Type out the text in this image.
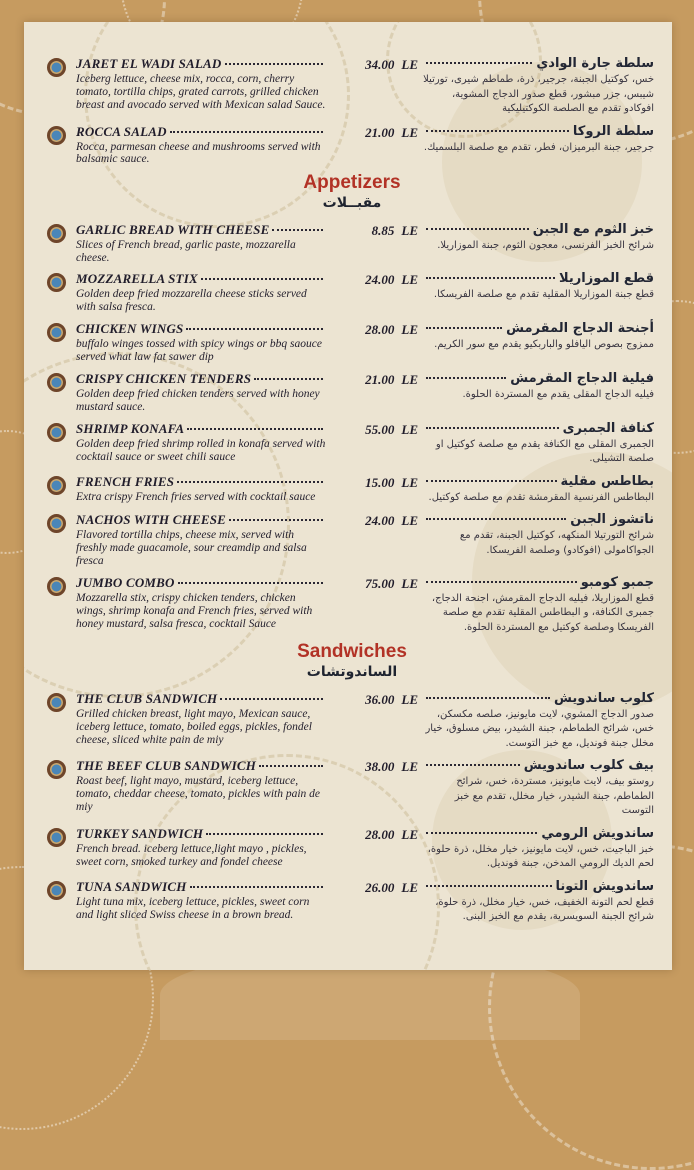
JARET EL WADI SALAD
Iceberg lettuce, cheese mix, rocca, corn, cherry tomato, tortilla chips, grated carrots, grilled chicken breast and avocado served with Mexican salad Sauce.
34.00 LE	سلطة جارة الوادي
خس، كوكتيل الجبنة، جرجير، ذرة، طماطم شيرى، تورتيلا شيبس، جزر مبشور، قطع صدور الدجاج المشوية، افوكادو تقدم مع الصلصة الكوكتيليكية
ROCCA SALAD
Rocca, parmesan cheese and mushrooms served with balsamic sauce.
21.00 LE	سلطة الروكا
جرجير، جبنة البرميزان، فطر، تقدم مع صلصة البلسميك.
Appetizers
مقبــلات
GARLIC BREAD WITH CHEESE
Slices of French bread, garlic paste, mozzarella cheese.
8.85 LE	خبز الثوم مع الجبن
شرائح الخبز الفرنسى، معجون الثوم، جبنة الموزاريلا.
MOZZARELLA STIX
Golden deep fried mozzarella cheese sticks served with salsa fresca.
24.00 LE	قطع الموزاريلا
قطع جبنة الموزاريلا المقلية تقدم مع صلصة الفريسكا.
CHICKEN WINGS
buffalo winges tossed with spicy wings or bbq saouce served what law fat sawer dip
28.00 LE	أجنحة الدجاج المقرمش
ممزوج بصوص اليافلو والباربكيو يقدم مع سور الكريم.
CRISPY CHICKEN TENDERS
Golden deep fried chicken tenders served with honey mustard sauce.
21.00 LE	فيلية الدجاج المقرمش
فيليه الدجاج المقلى يقدم مع المستردة الحلوة.
SHRIMP KONAFA
Golden deep fried shrimp rolled in konafa served with cocktail sauce or sweet chili sauce
55.00 LE	كنافة الجمبرى
الجمبرى المقلى مع الكنافة يقدم مع صلصة كوكتيل او صلصة التشيلى.
FRENCH FRIES
Extra crispy French fries served with cocktail sauce
15.00 LE	بطاطس مقلية
البطاطس الفرنسية المقرمشة تقدم مع صلصة كوكتيل.
NACHOS WITH CHEESE
Flavored tortilla chips, cheese mix, served with freshly made guacamole, sour creamdip and salsa fresca
24.00 LE	ناتشوز الجبن
شرائح التورتيلا المنكهه، كوكتيل الجبنة، تقدم مع الجواكامولى (افوكادو) وصلصة الفريسكا.
JUMBO COMBO
Mozzarella stix, crispy chicken tenders, chicken wings, shrimp konafa and French fries, served with honey mustard, salsa fresca, cocktail Sauce
75.00 LE	جمبو كومبو
قطع الموزاريلا، فيليه الدجاج المقرمش، اجنحة الدجاج، جمبرى الكنافة، و البطاطس المقلية تقدم مع صلصة الفريسكا وصلصة كوكتيل مع المستردة الحلوة.
Sandwiches
الساندوتشات
THE CLUB SANDWICH
Grilled chicken breast, light mayo, Mexican sauce, iceberg lettuce, tomato, boiled eggs, pickles, fondel cheese, sliced white pain de miy
36.00 LE	كلوب ساندويش
صدور الدجاج المشوي، لايت مايونيز، صلصه مكسكن، خس، شرائح الطماطم، جبنة الشيدر، بيض مسلوق، خيار مخلل جبنة فونديل، مع خبز التوست.
THE BEEF CLUB SANDWICH
Roast beef, light mayo, mustard, iceberg lettuce, tomato, cheddar cheese, tomato, pickles with pain de miy
38.00 LE	بيف كلوب ساندويش
روستو بيف، لايت مايونيز، مستردة، خس، شرائح الطماطم، جبنة الشيدر، خيار مخلل، تقدم مع خبز التوست
TURKEY SANDWICH
French bread. iceberg lettuce,light mayo , pickles, sweet corn, smoked turkey and fondel cheese
28.00 LE	ساندويش الرومي
خبز الباجيت، خس، لايت مايونيز، خيار مخلل، ذرة حلوة، لحم الديك الرومي المدخن، جبنة فونديل.
TUNA SANDWICH
Light tuna mix, iceberg lettuce, pickles, sweet corn and light sliced Swiss cheese in a brown bread.
26.00 LE	ساندويش التونا
قطع لحم التونة الخفيف، خس، خيار مخلل، ذرة حلوة، شرائح الجبنة السويسرية، يقدم مع الخبز البنى.
